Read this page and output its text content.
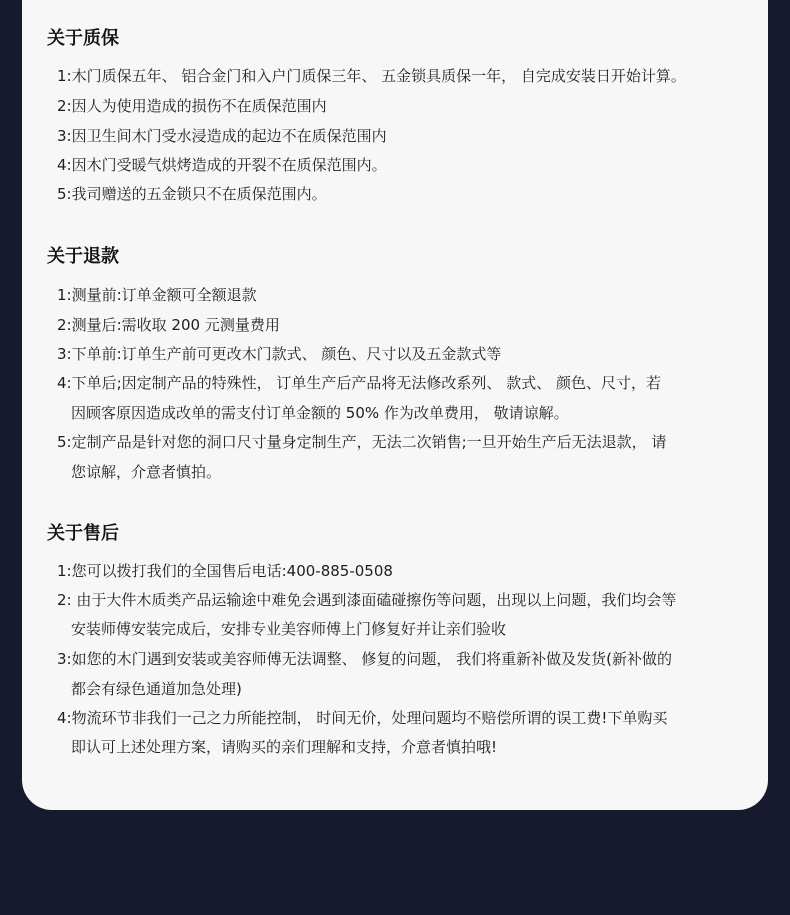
关于质保
1:木门质保五年、 铝合金门和入户门质保三年、 五金锁具质保一年， 自完成安装日开始计算。
2:因人为使用造成的损伤不在质保范围内
3:因卫生间木门受水浸造成的起边不在质保范围内
4:因木门受暖气烘烤造成的开裂不在质保范围内。
5:我司赠送的五金锁只不在质保范围内。
关于退款
1:测量前:订单金额可全额退款
2:测量后:需收取 200 元测量费用
3:下单前:订单生产前可更改木门款式、 颜色、尺寸以及五金款式等
4:下单后;因定制产品的特殊性， 订单生产后产品将无法修改系列、 款式、 颜色、尺寸，若
因顾客原因造成改单的需支付订单金额的 50% 作为改单费用， 敬请谅解。
5:定制产品是针对您的洞口尺寸量身定制生产，无法二次销售;一旦开始生产后无法退款， 请
您谅解，介意者慎拍。
关于售后
1:您可以拨打我们的全国售后电话:400-885-0508
2: 由于大件木质类产品运输途中难免会遇到漆面磕碰擦伤等问题，出现以上问题，我们均会等
安装师傅安装完成后，安排专业美容师傅上门修复好并让亲们验收
3:如您的木门遇到安装或美容师傅无法调整、 修复的问题， 我们将重新补做及发货(新补做的
都会有绿色通道加急处理)
4:物流环节非我们一己之力所能控制， 时间无价，处理问题均不赔偿所谓的误工费!下单购买
即认可上述处理方案，请购买的亲们理解和支持，介意者慎拍哦!
